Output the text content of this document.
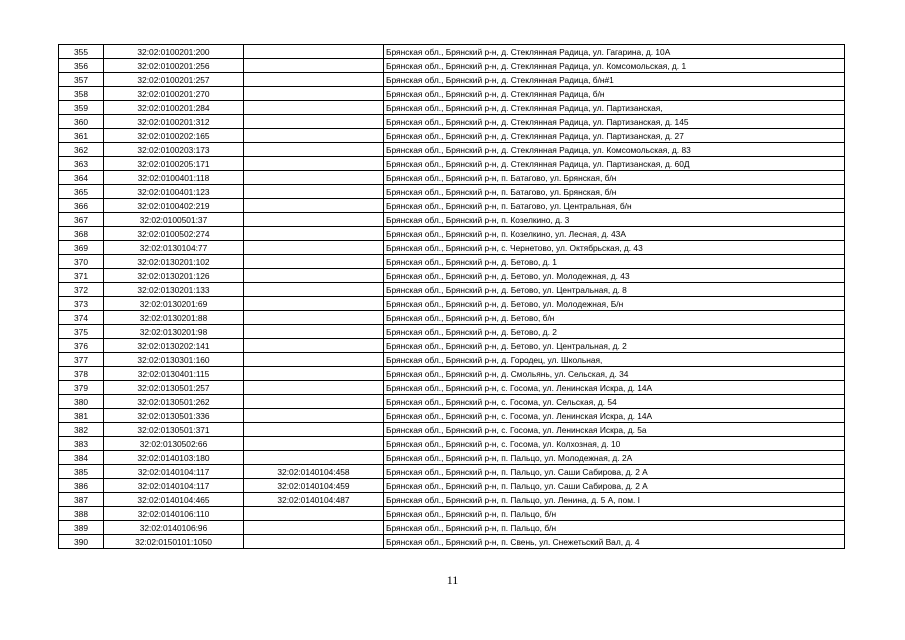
355	32:02:0100201:200		Брянская обл., Брянский р-н, д. Стеклянная Радица, ул. Гагарина, д. 10А
356	32:02:0100201:256		Брянская обл., Брянский р-н, д. Стеклянная Радица, ул. Комсомольская, д. 1
357	32:02:0100201:257		Брянская обл., Брянский р-н, д. Стеклянная Радица, б/н#1
358	32:02:0100201:270		Брянская обл., Брянский р-н, д. Стеклянная Радица, б/н
359	32:02:0100201:284		Брянская обл., Брянский р-н, д. Стеклянная Радица, ул. Партизанская,
360	32:02:0100201:312		Брянская обл., Брянский р-н, д. Стеклянная Радица, ул. Партизанская, д. 145
361	32:02:0100202:165		Брянская обл., Брянский р-н, д. Стеклянная Радица, ул. Партизанская, д. 27
362	32:02:0100203:173		Брянская обл., Брянский р-н, д. Стеклянная Радица, ул. Комсомольская, д. 83
363	32:02:0100205:171		Брянская обл., Брянский р-н, д. Стеклянная Радица, ул. Партизанская, д. 60Д
364	32:02:0100401:118		Брянская обл., Брянский р-н, п. Батагово, ул. Брянская, б/н
365	32:02:0100401:123		Брянская обл., Брянский р-н, п. Батагово, ул. Брянская, б/н
366	32:02:0100402:219		Брянская обл., Брянский р-н, п. Батагово, ул. Центральная, б/н
367	32:02:0100501:37		Брянская обл., Брянский р-н, п. Козелкино, д. 3
368	32:02:0100502:274		Брянская обл., Брянский р-н, п. Козелкино, ул. Лесная, д. 43А
369	32:02:0130104:77		Брянская обл., Брянский р-н, с. Чернетово, ул. Октябрьская, д. 43
370	32:02:0130201:102		Брянская обл., Брянский р-н, д. Бетово, д. 1
371	32:02:0130201:126		Брянская обл., Брянский р-н, д. Бетово, ул. Молодежная, д. 43
372	32:02:0130201:133		Брянская обл., Брянский р-н, д. Бетово, ул. Центральная, д. 8
373	32:02:0130201:69		Брянская обл., Брянский р-н, д. Бетово, ул. Молодежная, Б/н
374	32:02:0130201:88		Брянская обл., Брянский р-н, д. Бетово, б/н
375	32:02:0130201:98		Брянская обл., Брянский р-н, д. Бетово, д. 2
376	32:02:0130202:141		Брянская обл., Брянский р-н, д. Бетово, ул. Центральная, д. 2
377	32:02:0130301:160		Брянская обл., Брянский р-н, д. Городец, ул. Школьная,
378	32:02:0130401:115		Брянская обл., Брянский р-н, д. Смольянь, ул. Сельская, д. 34
379	32:02:0130501:257		Брянская обл., Брянский р-н, с. Госома, ул. Ленинская Искра, д. 14А
380	32:02:0130501:262		Брянская обл., Брянский р-н, с. Госома, ул. Сельская, д. 54
381	32:02:0130501:336		Брянская обл., Брянский р-н, с. Госома, ул. Ленинская Искра, д. 14А
382	32:02:0130501:371		Брянская обл., Брянский р-н, с. Госома, ул. Ленинская Искра, д. 5а
383	32:02:0130502:66		Брянская обл., Брянский р-н, с. Госома, ул. Колхозная, д. 10
384	32:02:0140103:180		Брянская обл., Брянский р-н, п. Пальцо, ул. Молодежная, д. 2А
385	32:02:0140104:117	32:02:0140104:458	Брянская обл., Брянский р-н, п. Пальцо, ул. Саши Сабирова, д. 2 А
386	32:02:0140104:117	32:02:0140104:459	Брянская обл., Брянский р-н, п. Пальцо, ул. Саши Сабирова, д. 2 А
387	32:02:0140104:465	32:02:0140104:487	Брянская обл., Брянский р-н, п. Пальцо, ул. Ленина, д. 5 А, пом. I
388	32:02:0140106:110		Брянская обл., Брянский р-н, п. Пальцо, б/н
389	32:02:0140106:96		Брянская обл., Брянский р-н, п. Пальцо, б/н
390	32:02:0150101:1050		Брянская обл., Брянский р-н, п. Свень, ул. Снежетьский Вал, д. 4
11
